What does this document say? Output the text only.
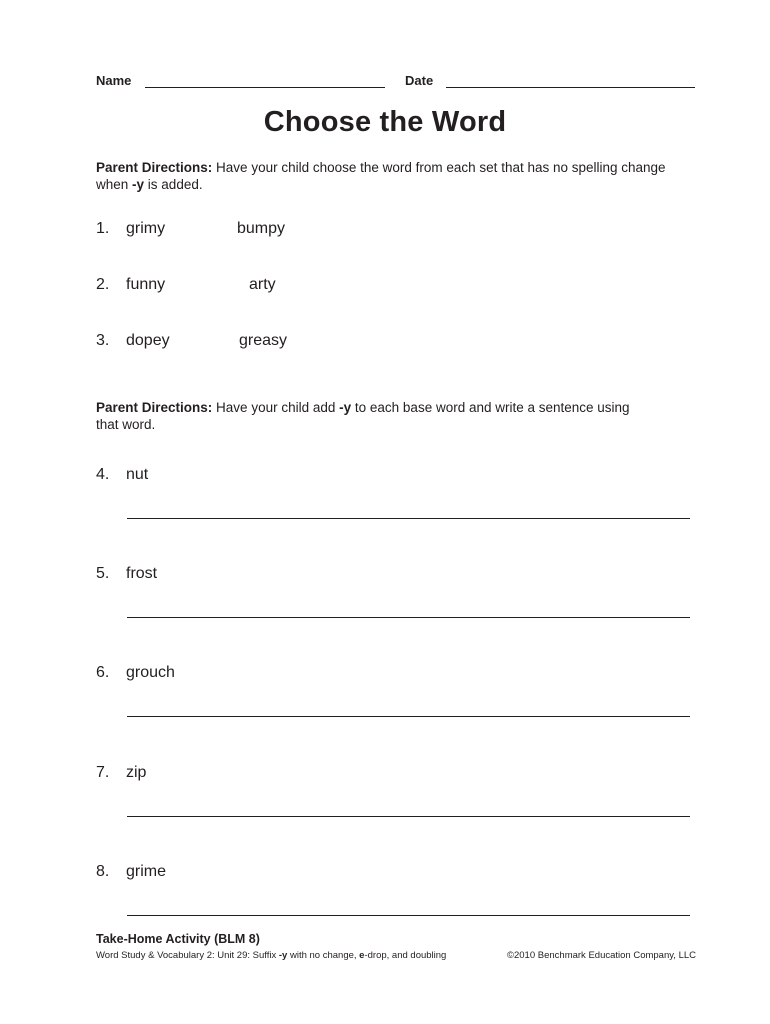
Name	Date
Choose the Word
Parent Directions: Have your child choose the word from each set that has no spelling change
when -y is added.
1.	grimy	bumpy
2.	funny	arty
3.	dopey	greasy
Parent Directions: Have your child add -y to each base word and write a sentence using
that word.
4.	nut
5.	frost
6.	grouch
7.	zip
8.	grime
Take-Home Activity (BLM 8)
Word Study & Vocabulary 2: Unit 29: Suffix -y with no change, e-drop, and doubling	©2010 Benchmark Education Company, LLC
